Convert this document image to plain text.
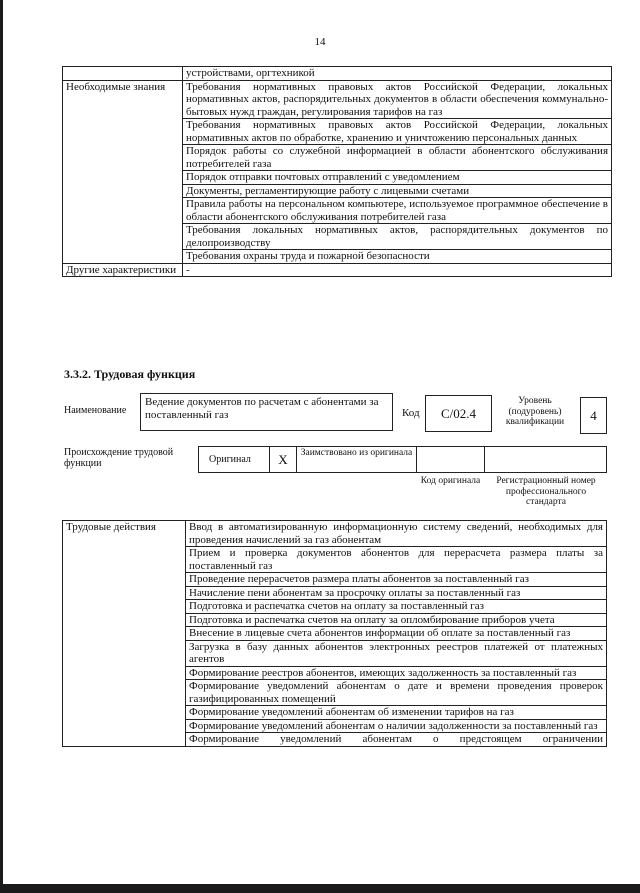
14
	устройствами, оргтехникой
Необходимые знания	Требования нормативных правовых актов Российской Федерации, локальных нормативных актов, распорядительных документов в области обеспечения коммунально-бытовых нужд граждан, регулирования тарифов на газ
	Требования нормативных правовых актов Российской Федерации, локальных нормативных актов по обработке, хранению и уничтожению персональных данных
	Порядок работы со служебной информацией в области абонентского обслуживания потребителей газа
	Порядок отправки почтовых отправлений с уведомлением
	Документы, регламентирующие работу с лицевыми счетами
	Правила работы на персональном компьютере, используемое программное обеспечение в области абонентского обслуживания потребителей газа
	Требования локальных нормативных актов, распорядительных документов по делопроизводству
	Требования охраны труда и пожарной безопасности
Другие характеристики	-
3.3.2. Трудовая функция
Наименование
Ведение документов по расчетам с абонентами за поставленный газ	Код	С/02.4
Уровень (подуровень) квалификации	4
Происхождение трудовой функции	Оригинал	X	Заимствовано из оригинала
Код оригинала	Регистрационный номер профессионального стандарта
Трудовые действия	Ввод в автоматизированную информационную систему сведений, необходимых для проведения начислений за газ абонентам
Прием и проверка документов абонентов для перерасчета размера платы за поставленный газ
Проведение перерасчетов размера платы абонентов за поставленный газ
Начисление пени абонентам за просрочку оплаты за поставленный газ
Подготовка и распечатка счетов на оплату за поставленный газ
Подготовка и распечатка счетов на оплату за опломбирование приборов учета
Внесение в лицевые счета абонентов информации об оплате за поставленный газ
Загрузка в базу данных абонентов электронных реестров платежей от платежных агентов
Формирование реестров абонентов, имеющих задолженность за поставленный газ
Формирование уведомлений абонентам о дате и времени проведения проверок газифицированных помещений
Формирование уведомлений абонентам об изменении тарифов на газ
Формирование уведомлений абонентам о наличии задолженности за поставленный газ
Формирование уведомлений абонентам о предстоящем ограничении
